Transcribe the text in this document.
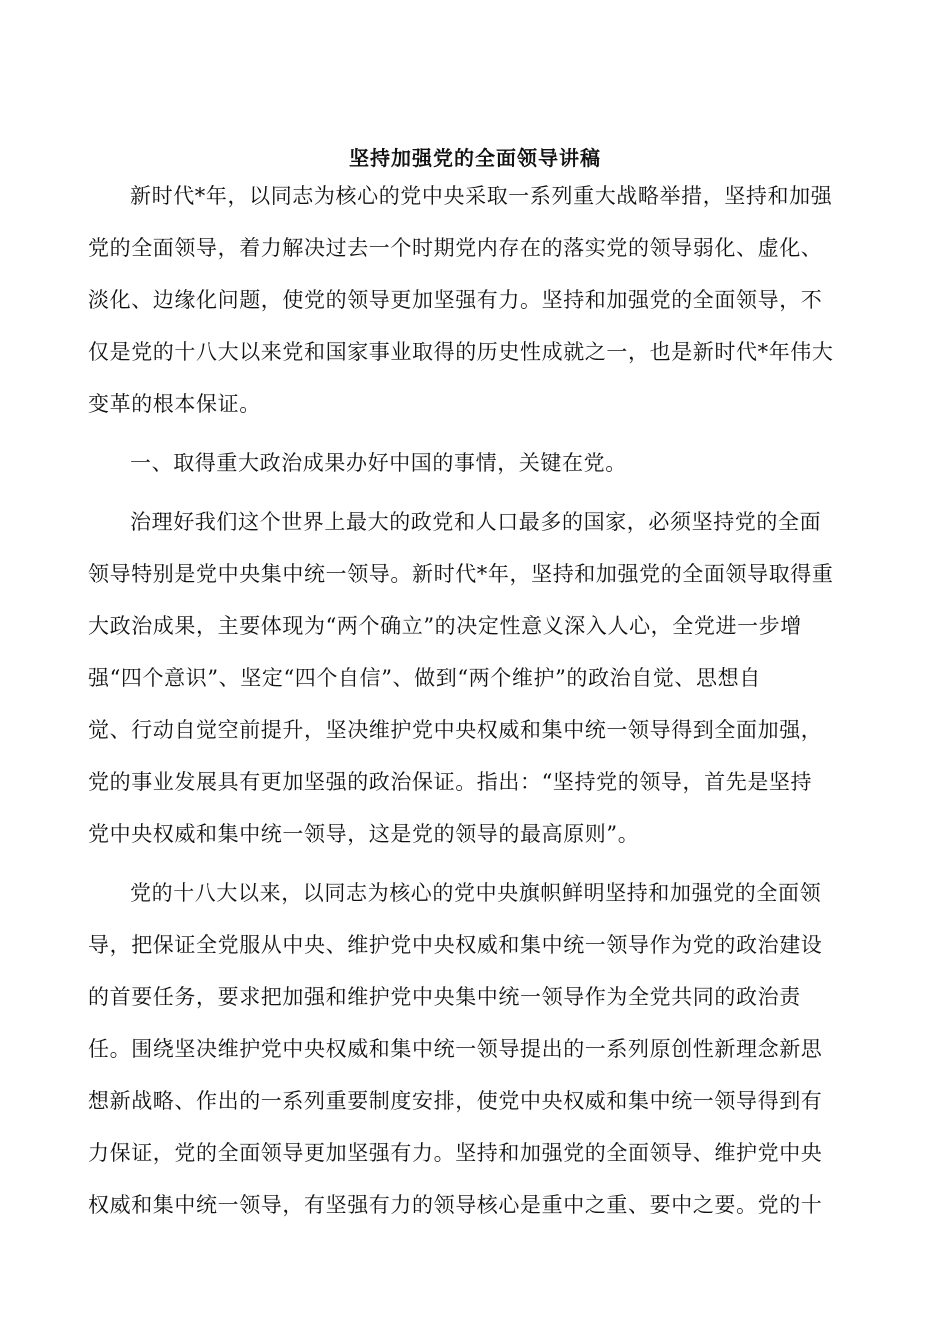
坚持加强党的全面领导讲稿
新时代*年，以同志为核心的党中央采取一系列重大战略举措，坚持和加强
党的全面领导，着力解决过去一个时期党内存在的落实党的领导弱化、虚化、
淡化、边缘化问题，使党的领导更加坚强有力。坚持和加强党的全面领导，不
仅是党的十八大以来党和国家事业取得的历史性成就之一，也是新时代*年伟大
变革的根本保证。
一、取得重大政治成果办好中国的事情，关键在党。
治理好我们这个世界上最大的政党和人口最多的国家，必须坚持党的全面
领导特别是党中央集中统一领导。新时代*年，坚持和加强党的全面领导取得重
大政治成果，主要体现为“两个确立”的决定性意义深入人心，全党进一步增
强“四个意识”、坚定“四个自信”、做到“两个维护”的政治自觉、思想自
觉、行动自觉空前提升，坚决维护党中央权威和集中统一领导得到全面加强，
党的事业发展具有更加坚强的政治保证。指出：“坚持党的领导，首先是坚持
党中央权威和集中统一领导，这是党的领导的最高原则”。
党的十八大以来，以同志为核心的党中央旗帜鲜明坚持和加强党的全面领
导，把保证全党服从中央、维护党中央权威和集中统一领导作为党的政治建设
的首要任务，要求把加强和维护党中央集中统一领导作为全党共同的政治责
任。围绕坚决维护党中央权威和集中统一领导提出的一系列原创性新理念新思
想新战略、作出的一系列重要制度安排，使党中央权威和集中统一领导得到有
力保证，党的全面领导更加坚强有力。坚持和加强党的全面领导、维护党中央
权威和集中统一领导，有坚强有力的领导核心是重中之重、要中之要。党的十
